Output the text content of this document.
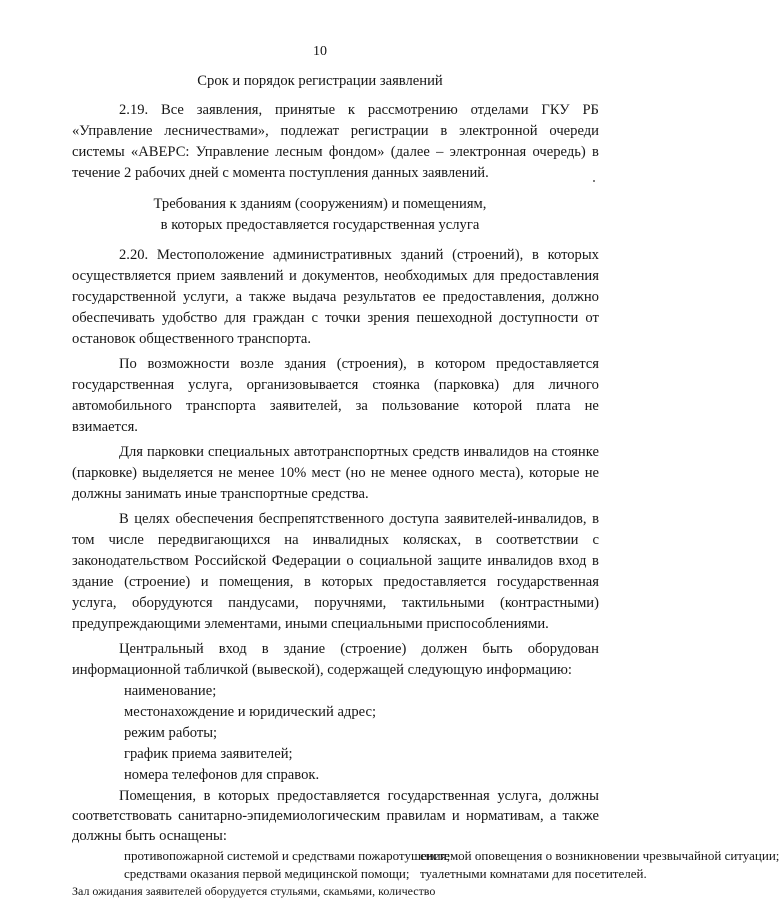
10
Срок и порядок регистрации заявлений
2.19. Все заявления, принятые к рассмотрению отделами ГКУ РБ
«Управление лесничествами», подлежат регистрации в электронной очереди
системы «АВЕРС: Управление лесным фондом» (далее – электронная очередь) в
течение 2 рабочих дней с момента поступления данных заявлений.
Требования к зданиям (сооружениям) и помещениям,
в которых предоставляется государственная услуга
2.20. Местоположение административных зданий (строений), в которых
осуществляется прием заявлений и документов, необходимых для предоставления
государственной услуги, а также выдача результатов ее предоставления, должно
обеспечивать удобство для граждан с точки зрения пешеходной доступности от
остановок общественного транспорта.
По возможности возле здания (строения), в котором предоставляется
государственная услуга, организовывается стоянка (парковка) для личного
автомобильного транспорта заявителей, за пользование которой плата не
взимается.
Для парковки специальных автотранспортных средств инвалидов на стоянке
(парковке) выделяется не менее 10% мест (но не менее одного места), которые не
должны занимать иные транспортные средства.
В целях обеспечения беспрепятственного доступа заявителей-инвалидов, в
том числе передвигающихся на инвалидных колясках, в соответствии с
законодательством Российской Федерации о социальной защите инвалидов вход в
здание (строение) и помещения, в которых предоставляется государственная
услуга, оборудуются пандусами, поручнями, тактильными (контрастными)
предупреждающими элементами, иными специальными приспособлениями.
Центральный вход в здание (строение) должен быть оборудован
информационной табличкой (вывеской), содержащей следующую информацию:
наименование;
местонахождение и юридический адрес;
режим работы;
график приема заявителей;
номера телефонов для справок.
Помещения, в которых предоставляется государственная услуга, должны
соответствовать санитарно-эпидемиологическим правилам и нормативам, а также
должны быть оснащены:
противопожарной системой и средствами пожаротушения;
системой оповещения о возникновении чрезвычайной ситуации;
средствами оказания первой медицинской помощи; туалетными комнатами для посетителей.
Зал ожидания заявителей оборудуется стульями, скамьями, количество
